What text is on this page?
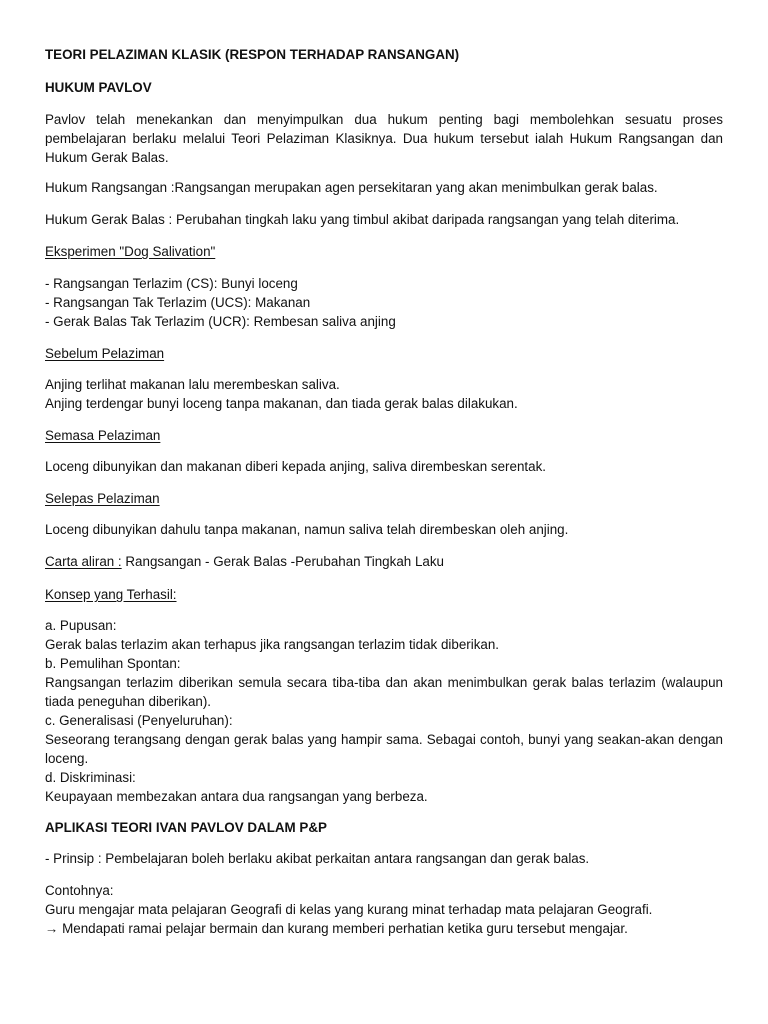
TEORI PELAZIMAN KLASIK (RESPON TERHADAP RANSANGAN)

HUKUM PAVLOV

Pavlov telah menekankan dan menyimpulkan dua hukum penting bagi membolehkan sesuatu proses pembelajaran berlaku melalui Teori Pelaziman Klasiknya. Dua hukum tersebut ialah Hukum Rangsangan dan Hukum Gerak Balas.

Hukum Rangsangan :Rangsangan merupakan agen persekitaran yang akan menimbulkan gerak balas.

Hukum Gerak Balas : Perubahan tingkah laku yang timbul akibat daripada rangsangan yang telah diterima.

Eksperimen "Dog Salivation"

- Rangsangan Terlazim (CS): Bunyi loceng
- Rangsangan Tak Terlazim (UCS): Makanan
- Gerak Balas Tak Terlazim (UCR): Rembesan saliva anjing

Sebelum Pelaziman

Anjing terlihat makanan lalu merembeskan saliva.
Anjing terdengar bunyi loceng tanpa makanan, dan tiada gerak balas dilakukan.

Semasa Pelaziman

Loceng dibunyikan dan makanan diberi kepada anjing, saliva dirembeskan serentak.

Selepas Pelaziman

Loceng dibunyikan dahulu tanpa makanan, namun saliva telah dirembeskan oleh anjing.

Carta aliran : Rangsangan - Gerak Balas -Perubahan Tingkah Laku

Konsep yang Terhasil:

a. Pupusan:
Gerak balas terlazim akan terhapus jika rangsangan terlazim tidak diberikan.
b. Pemulihan Spontan:
Rangsangan terlazim diberikan semula secara tiba-tiba dan akan menimbulkan gerak balas terlazim (walaupun tiada peneguhan diberikan).
c. Generalisasi (Penyeluruhan):
Seseorang terangsang dengan gerak balas yang hampir sama. Sebagai contoh, bunyi yang seakan-akan dengan loceng.
d. Diskriminasi:
Keupayaan membezakan antara dua rangsangan yang berbeza.

APLIKASI TEORI IVAN PAVLOV DALAM P&P

- Prinsip : Pembelajaran boleh berlaku akibat perkaitan antara rangsangan dan gerak balas.

Contohnya:
Guru mengajar mata pelajaran Geografi di kelas yang kurang minat terhadap mata pelajaran Geografi.
→ Mendapati ramai pelajar bermain dan kurang memberi perhatian ketika guru tersebut mengajar.
